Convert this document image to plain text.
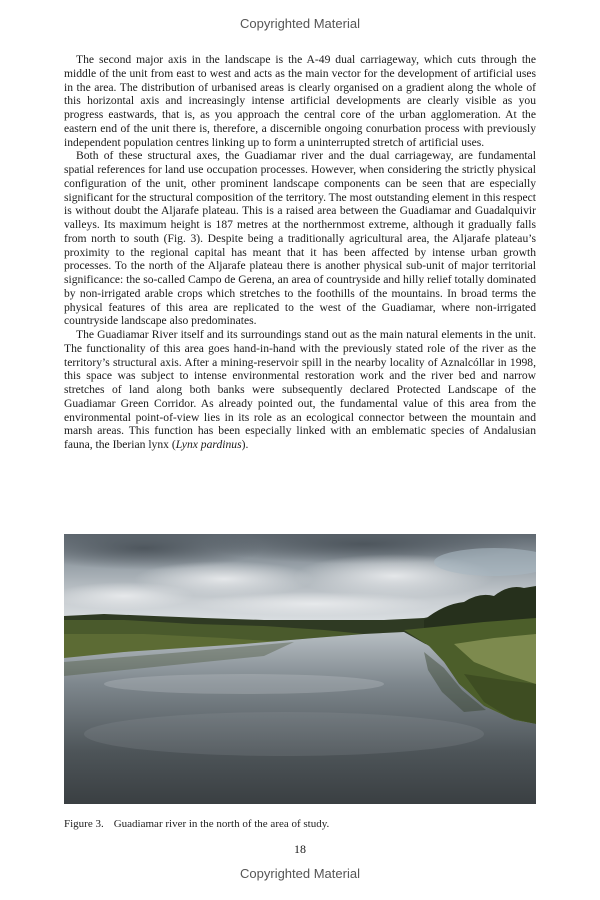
Copyrighted Material

The second major axis in the landscape is the A-49 dual carriageway, which cuts through the middle of the unit from east to west and acts as the main vector for the development of artificial uses in the area. The distribution of urbanised areas is clearly organised on a gradient along the whole of this horizontal axis and increasingly intense artificial developments are clearly visible as you progress eastwards, that is, as you approach the central core of the urban agglomeration. At the eastern end of the unit there is, therefore, a discernible ongoing conurbation process with previously independent population centres linking up to form a uninterrupted stretch of artificial uses.

Both of these structural axes, the Guadiamar river and the dual carriageway, are fundamental spatial references for land use occupation processes. However, when considering the strictly physical configuration of the unit, other prominent landscape components can be seen that are especially significant for the structural composition of the territory. The most outstanding element in this respect is without doubt the Aljarafe plateau. This is a raised area between the Guadiamar and Guadalquivir valleys. Its maximum height is 187 metres at the northernmost extreme, although it gradually falls from north to south (Fig. 3). Despite being a traditionally agricultural area, the Aljarafe plateau’s proximity to the regional capital has meant that it has been affected by intense urban growth processes. To the north of the Aljarafe plateau there is another physical sub-unit of major territorial significance: the so-called Campo de Gerena, an area of countryside and hilly relief totally dominated by non-irrigated arable crops which stretches to the foothills of the mountains. In broad terms the physical features of this area are replicated to the west of the Guadiamar, where non-irrigated countryside landscape also predominates.

The Guadiamar River itself and its surroundings stand out as the main natural elements in the unit. The functionality of this area goes hand-in-hand with the previously stated role of the river as the territory’s structural axis. After a mining-reservoir spill in the nearby locality of Aznalcóllar in 1998, this space was subject to intense environmental restoration work and the river bed and narrow stretches of land along both banks were subsequently declared Protected Landscape of the Guadiamar Green Corridor. As already pointed out, the fundamental value of this area from the environmental point-of-view lies in its role as an ecological connector between the mountain and marsh areas. This function has been especially linked with an emblematic species of Andalusian fauna, the Iberian lynx (Lynx pardinus).

Figure 3. Guadiamar river in the north of the area of study.
18
Copyrighted Material
